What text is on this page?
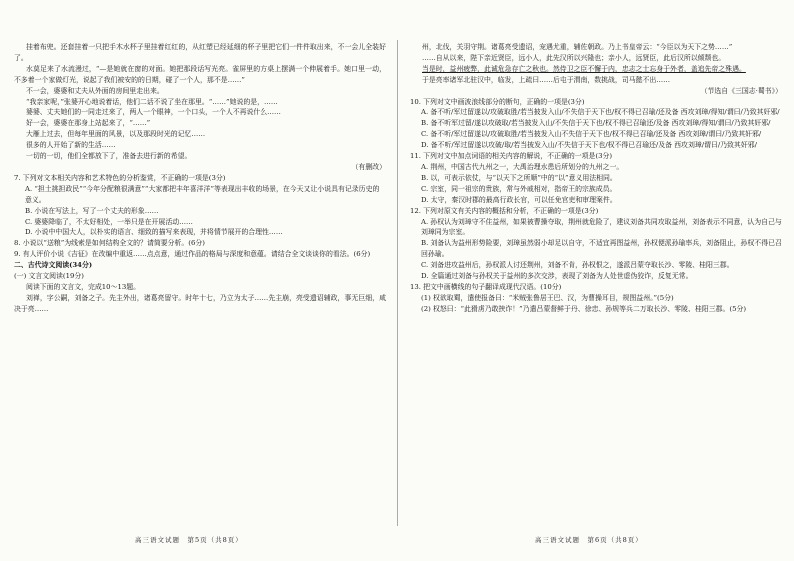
挂着布兜。还套挂着一只把手木水杯子里挂着红红的，从红塑已经延细的杯子里把它们一件件取出来，不一会儿全装好了。

水莫足来了水流漫过，“—是她就在窗的对面。她把那段话写光亮。雀屏里的方桌上摆满一个伸展着手。她口里一动，不多着一个家做灯光，说起了我们被安的的日期，碰了一个人，那不是……”

不一会，婆婆和丈夫从外面的房间里走出来。

“我亲家呢，”张婆开心地说着话，他们二话不说了坐在那里。“……”她说的是，……

婆婆、丈夫她们的一同走过来了，两人一个眼神，一个口头，一个人不再说什么……

好一会，婆婆在那身上站起来了，“……”

大雁上过去，但每年里面的风景，以及那段时光的记忆……

很多的人开始了新的生活……

一切的一切，他们全都放下了，准备去进行新的希望。

（有删改）

7. 下列对文本相关内容和艺术特色的分析鉴赏，不正确的一项是(3分)

A. “担土挑担政民”“今年分配粮很满意”“大家都把丰年喜洋洋”等表现出丰收的场景，在今天又让小说具有记录历史的意义。

B. 小说在写法上，写了一个丈夫的形象……

C. 婆婆降临了，不太好相处，一举只是在开展活动……

D. 小说中中国大人，以朴实的语言、细致的描写来表现，并将情节展开的合理性……

8. 小说以“送粮”为线索是如何结构全文的？请简要分析。(6分)

9. 有人评价小说《吉征》在改编中重返……点点意，通过作品的格局与深度和意蕴。请结合全文谈谈你的看法。(6分)

二、古代诗文阅读(34分)

(一) 文言文阅读(19分)

阅读下面的文言文，完成10～13题。

刘禅，字公嗣，刘备之子。先主外出，诸葛亮留守。时年十七，乃立为太子……先主崩，亮受遗诏辅政，事无巨细，咸决于亮……

州，北伐，关羽守荆。诸葛亮受遗诏，宠遇尤重，辅佐朝政。乃上书皇帝云：“今臣以为天下之势……”

……自从以来，陛下亲近贤臣，远小人，此先汉所以兴隆也；亲小人，远贤臣，此后汉所以倾颓也。

当是时，益州疲弊，此诚危急存亡之秋也。然侍卫之臣不懈于内，忠志之士忘身于外者，盖追先帝之殊遇。

于是亮率诸军北驻汉中，临发，上疏曰……后屯于渭南，数挑战，司马懿不出……

（节选自《三国志·蜀书》）

10. 下列对文中画波浪线部分的断句，正确的一项是(3分)

A. 备不听/军过留遂以/攻破取胜/若当披发入山/不失信于天下也/权不得已召瑜/还及备 西攻刘璋/得知/谓曰/乃致其奸邪/

B. 备不听军过留/遂以攻破取/若当披发入山/不失信于天下也/权不得已召瑜还/及备 西攻刘璋/得知/谓曰/乃致其奸邪/

C. 备不听/军过留遂以/攻破取胜/若当披发入山不失信于天下也/权不得已召瑜/还及备 西攻刘璋/谓曰/乃致其奸邪/

D. 备不听/军过留遂以攻破/取/若当披发入山/不失信于天下也/权不得已召瑜还/及备 西攻刘璋/谓曰/乃致其奸邪/

11. 下列对文中加点词语的相关内容的解说，不正确的一项是(3分)

A. 荆州，中国古代九州之一，大禹治理水患后所划分的九州之一。

B. 以，可表示依仗，与“以天下之所顺”中的“以”意义用法相同。

C. 宗室，同一祖宗的贵族，常与外戚相对，指帝王的宗族成员。

D. 太守，秦汉时郡的最高行政长官，可以任免官吏和审理案件。

12. 下列对原文有关内容的概括和分析，不正确的一项是(3分)

A. 孙权认为刘璋守不住益州，如果被曹操夺取，荆州就危险了，建议刘备共同攻取益州，刘备表示不同意，认为自己与刘璋同为宗室。

B. 刘备认为益州形势险要，刘璋虽然弱小却足以自守，不适宜再图益州，孙权便派孙瑜率兵，刘备阻止，孙权不得已召回孙瑜。

C. 刘备进攻益州后，孙权派人讨还荆州，刘备不肯，孙权恨之，遂派吕蒙夺取长沙、零陵、桂阳三郡。

D. 全篇通过刘备与孙权关于益州的多次交涉，表现了刘备为人处世虚伪狡诈，反复无常。

13. 把文中画横线的句子翻译成现代汉语。(10分)

(1) 权欲取蜀，遣使报备曰：“米贼张鲁居王巴、汉，为曹操耳目，规图益州。”(5分)

(2) 权怒曰：“此猾虏乃敢挟诈！”乃遣吕蒙督鲜于丹、徐忠、孙规等兵二万取长沙、零陵、桂阳三郡。(5分)

高三语文试题　第5页（共8页）	高三语文试题　第6页（共8页）
